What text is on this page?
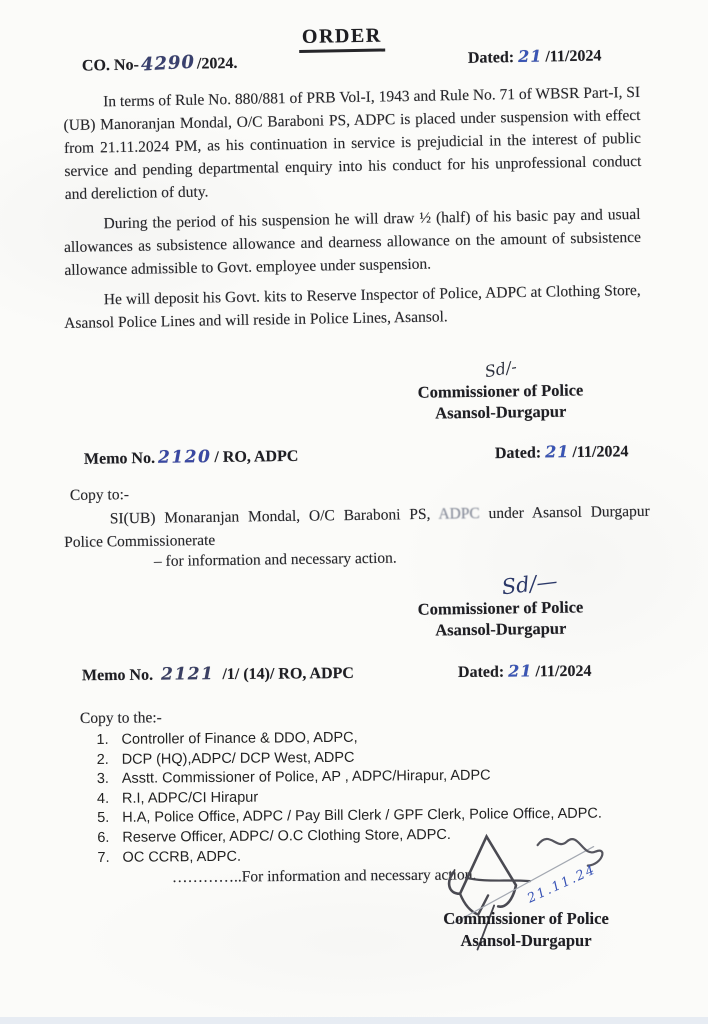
ORDER
CO. No-4290/2024.	Dated: 21 /11/2024
In terms of Rule No. 880/881 of PRB Vol-I, 1943 and Rule No. 71 of WBSR Part-I, SI (UB) Manoranjan Mondal, O/C Baraboni PS, ADPC is placed under suspension with effect from 21.11.2024 PM, as his continuation in service is prejudicial in the interest of public service and pending departmental enquiry into his conduct for his unprofessional conduct and dereliction of duty.
During the period of his suspension he will draw ½ (half) of his basic pay and usual allowances as subsistence allowance and dearness allowance on the amount of subsistence allowance admissible to Govt. employee under suspension.
He will deposit his Govt. kits to Reserve Inspector of Police, ADPC at Clothing Store, Asansol Police Lines and will reside in Police Lines, Asansol.
Sd/-
Commissioner of Police
Asansol-Durgapur
Memo No. 2120 / RO, ADPC	Dated: 21 /11/2024
Copy to:-
SI(UB) Monaranjan Mondal, O/C Baraboni PS, ADPC under Asansol Durgapur
Police Commissionerate
– for information and necessary action.
Sd/—
Commissioner of Police
Asansol-Durgapur
Memo No. 2121 /1/ (14)/ RO, ADPC	Dated: 21 /11/2024
Copy to the:-
1. Controller of Finance & DDO, ADPC,
2. DCP (HQ),ADPC/ DCP West, ADPC
3. Asstt. Commissioner of Police, AP , ADPC/Hirapur, ADPC
4. R.I, ADPC/CI Hirapur
5. H.A, Police Office, ADPC / Pay Bill Clerk / GPF Clerk, Police Office, ADPC.
6. Reserve Officer, ADPC/ O.C Clothing Store, ADPC.
7. OC CCRB, ADPC.
…………..For information and necessary action.	21.11.24
Commissioner of Police
Asansol-Durgapur
